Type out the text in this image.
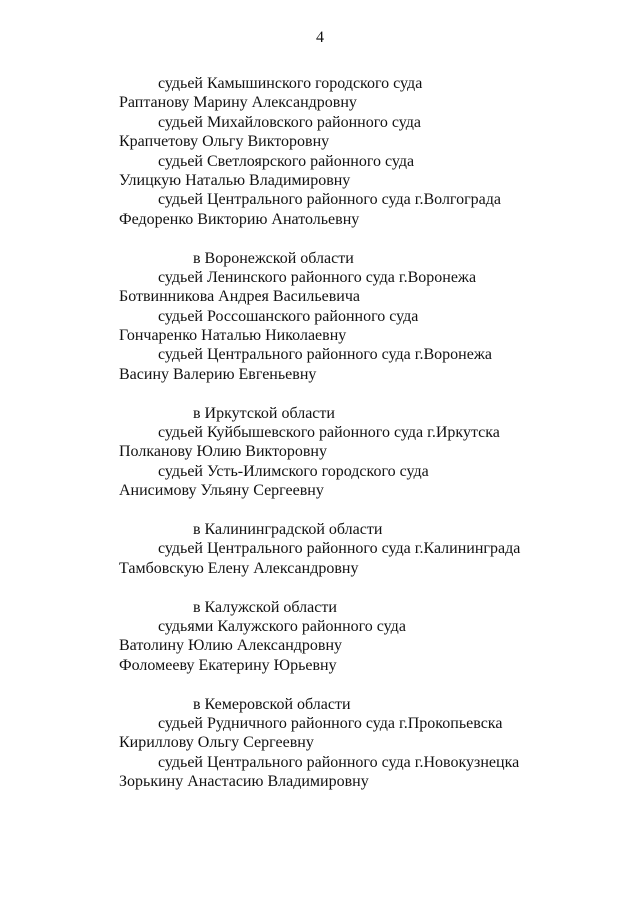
4
судьей Камышинского городского суда
Раптанову Марину Александровну
судьей Михайловского районного суда
Крапчетову Ольгу Викторовну
судьей Светлоярского районного суда
Улицкую Наталью Владимировну
судьей Центрального районного суда г.Волгограда
Федоренко Викторию Анатольевну
в Воронежской области
судьей Ленинского районного суда г.Воронежа
Ботвинникова Андрея Васильевича
судьей Россошанского районного суда
Гончаренко Наталью Николаевну
судьей Центрального районного суда г.Воронежа
Васину Валерию Евгеньевну
в Иркутской области
судьей Куйбышевского районного суда г.Иркутска
Полканову Юлию Викторовну
судьей Усть-Илимского городского суда
Анисимову Ульяну Сергеевну
в Калининградской области
судьей Центрального районного суда г.Калининграда
Тамбовскую Елену Александровну
в Калужской области
судьями Калужского районного суда
Ватолину Юлию Александровну
Фоломееву Екатерину Юрьевну
в Кемеровской области
судьей Рудничного районного суда г.Прокопьевска
Кириллову Ольгу Сергеевну
судьей Центрального районного суда г.Новокузнецка
Зорькину Анастасию Владимировну
